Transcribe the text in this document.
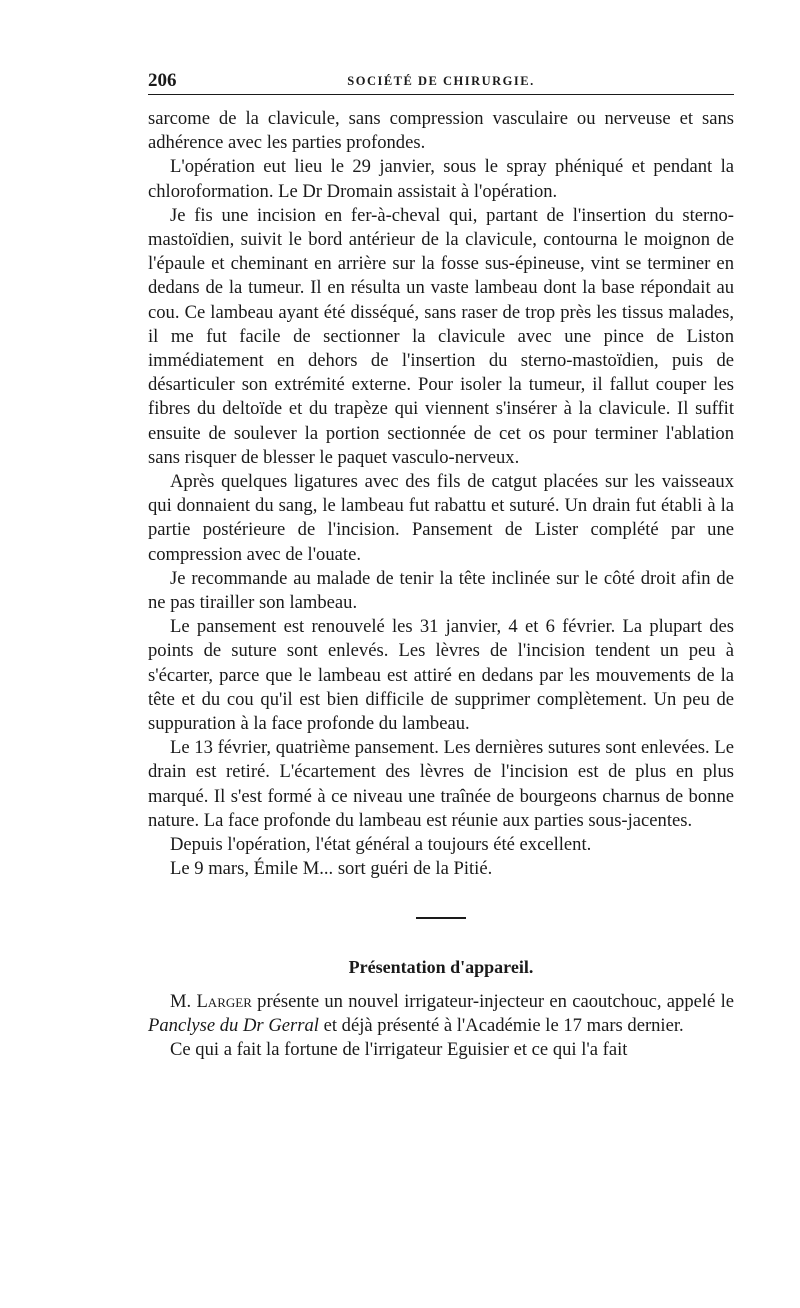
206	SOCIÉTÉ DE CHIRURGIE.

sarcome de la clavicule, sans compression vasculaire ou nerveuse et sans adhérence avec les parties profondes.

L'opération eut lieu le 29 janvier, sous le spray phéniqué et pendant la chloroformation. Le Dr Dromain assistait à l'opération.

Je fis une incision en fer-à-cheval qui, partant de l'insertion du sterno-mastoïdien, suivit le bord antérieur de la clavicule, contourna le moignon de l'épaule et cheminant en arrière sur la fosse sus-épineuse, vint se terminer en dedans de la tumeur. Il en résulta un vaste lambeau dont la base répondait au cou. Ce lambeau ayant été disséqué, sans raser de trop près les tissus malades, il me fut facile de sectionner la clavicule avec une pince de Liston immédiatement en dehors de l'insertion du sterno-mastoïdien, puis de désarticuler son extrémité externe. Pour isoler la tumeur, il fallut couper les fibres du deltoïde et du trapèze qui viennent s'insérer à la clavicule. Il suffit ensuite de soulever la portion sectionnée de cet os pour terminer l'ablation sans risquer de blesser le paquet vasculo-nerveux.

Après quelques ligatures avec des fils de catgut placées sur les vaisseaux qui donnaient du sang, le lambeau fut rabattu et suturé. Un drain fut établi à la partie postérieure de l'incision. Pansement de Lister complété par une compression avec de l'ouate.

Je recommande au malade de tenir la tête inclinée sur le côté droit afin de ne pas tirailler son lambeau.

Le pansement est renouvelé les 31 janvier, 4 et 6 février. La plupart des points de suture sont enlevés. Les lèvres de l'incision tendent un peu à s'écarter, parce que le lambeau est attiré en dedans par les mouvements de la tête et du cou qu'il est bien difficile de supprimer complètement. Un peu de suppuration à la face profonde du lambeau.

Le 13 février, quatrième pansement. Les dernières sutures sont enlevées. Le drain est retiré. L'écartement des lèvres de l'incision est de plus en plus marqué. Il s'est formé à ce niveau une traînée de bourgeons charnus de bonne nature. La face profonde du lambeau est réunie aux parties sous-jacentes.

Depuis l'opération, l'état général a toujours été excellent.

Le 9 mars, Émile M... sort guéri de la Pitié.

Présentation d'appareil.

M. Larger présente un nouvel irrigateur-injecteur en caoutchouc, appelé le Panclyse du Dr Gerral et déjà présenté à l'Académie le 17 mars dernier.

Ce qui a fait la fortune de l'irrigateur Eguisier et ce qui l'a fait
